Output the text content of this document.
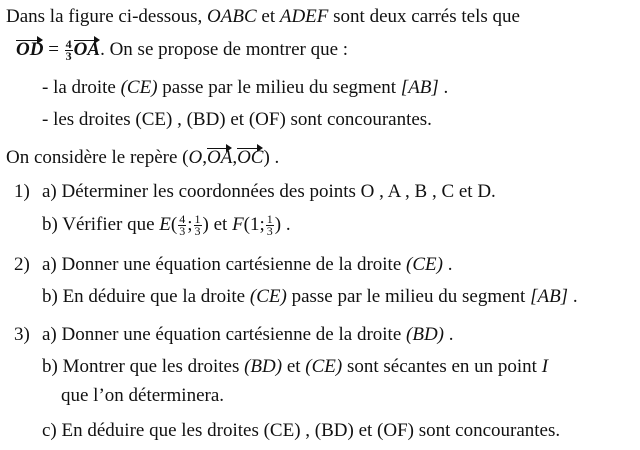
Dans la figure ci-dessous, OABC et ADEF sont deux carrés tels que
OD = $\frac{4}{3}$ OA. On se propose de montrer que :
- la droite (CE) passe par le milieu du segment [AB] .
- les droites (CE) , (BD) et (OF) sont concourantes.
On considère le repère (O,OA,OC) .
1) a) Déterminer les coordonnées des points O , A , B , C et D.
b) Vérifier que $E( \frac{4}{3}$ ; $\frac{1}{3}$ ) et F(1; $\frac{1}{3}$ ) .
2) a) Donner une équation cartésienne de la droite (CE) .
b) En déduire que la droite (CE) passe par le milieu du segment [AB] .
3) a) Donner une équation cartésienne de la droite (BD) .
b) Montrer que les droites (BD) et (CE) sont sécantes en un point I
que l’on déterminera.
c) En déduire que les droites (CE) , (BD) et (OF) sont concourantes.
